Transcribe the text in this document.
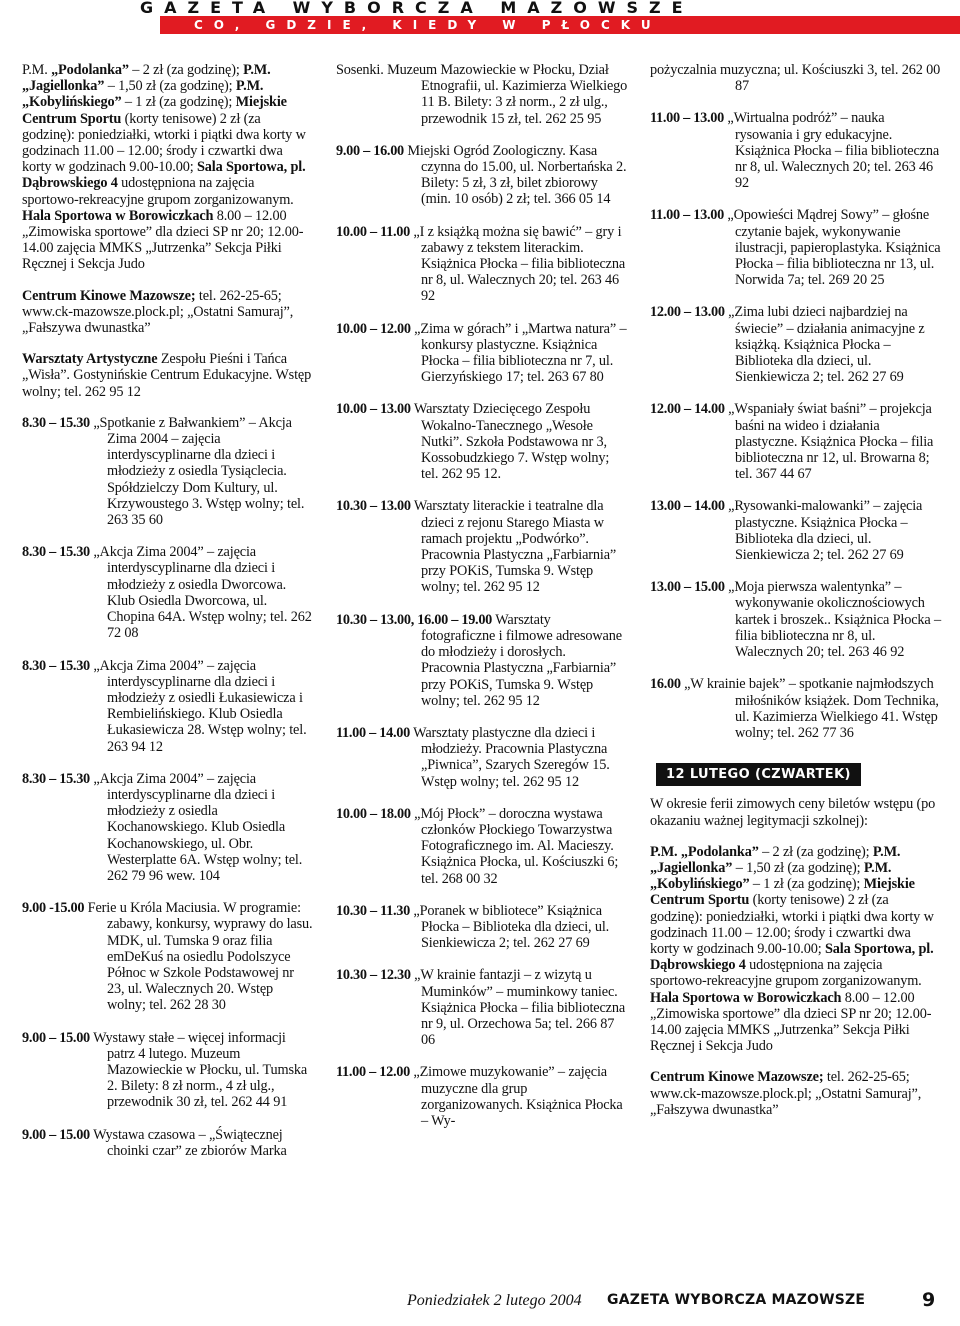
GAZETA WYBORCZA MAZOWSZE
CO, GDZIE, KIEDY W PŁOCKU

P.M. „Podolanka” – 2 zł (za godzinę); P.M. „Jagiellonka” – 1,50 zł (za godzinę); P.M. „Kobylińskiego” – 1 zł (za godzinę); Miejskie Centrum Sportu (korty tenisowe) 2 zł (za godzinę): poniedziałki, wtorki i piątki dwa korty w godzinach 11.00 – 12.00; środy i czwartki dwa korty w godzinach 9.00-10.00; Sala Sportowa, pl. Dąbrowskiego 4 udostępniona na zajęcia sportowo-rekreacyjne grupom zorganizowanym. Hala Sportowa w Borowiczkach 8.00 – 12.00 „Zimowiska sportowe” dla dzieci SP nr 20; 12.00-14.00 zajęcia MMKS „Jutrzenka” Sekcja Piłki Ręcznej i Sekcja Judo

Centrum Kinowe Mazowsze; tel. 262-25-65; www.ck-mazowsze.plock.pl; „Ostatni Samuraj”, „Fałszywa dwunastka”

Warsztaty Artystyczne Zespołu Pieśni i Tańca „Wisła”. Gostynińskie Centrum Edukacyjne. Wstęp wolny; tel. 262 95 12

8.30 – 15.30 „Spotkanie z Bałwankiem” – Akcja Zima 2004 – zajęcia interdyscyplinarne dla dzieci i młodzieży z osiedla Tysiąclecia. Spółdzielczy Dom Kultury, ul. Krzywoustego 3. Wstęp wolny; tel. 263 35 60
8.30 – 15.30 „Akcja Zima 2004” – zajęcia interdyscyplinarne dla dzieci i młodzieży z osiedla Dworcowa. Klub Osiedla Dworcowa, ul. Chopina 64A. Wstęp wolny; tel. 262 72 08
8.30 – 15.30 „Akcja Zima 2004” – zajęcia interdyscyplinarne dla dzieci i młodzieży z osiedli Łukasiewicza i Rembielińskiego. Klub Osiedla Łukasiewicza 28. Wstęp wolny; tel. 263 94 12
8.30 – 15.30 „Akcja Zima 2004” – zajęcia interdyscyplinarne dla dzieci i młodzieży z osiedla Kochanowskiego. Klub Osiedla Kochanowskiego, ul. Obr. Westerplatte 6A. Wstęp wolny; tel. 262 79 96 wew. 104
9.00 -15.00 Ferie u Króla Maciusia. W programie: zabawy, konkursy, wyprawy do lasu. MDK, ul. Tumska 9 oraz filia emDeKuś na osiedlu Podolszyce Północ w Szkole Podstawowej nr 23, ul. Walecznych 20. Wstęp wolny; tel. 262 28 30
9.00 – 15.00 Wystawy stałe – więcej informacji patrz 4 lutego. Muzeum Mazowieckie w Płocku, ul. Tumska 2. Bilety: 8 zł norm., 4 zł ulg., przewodnik 30 zł, tel. 262 44 91
9.00 – 15.00 Wystawa czasowa – „Świątecznej choinki czar” ze zbiorów Marka
Sosenki. Muzeum Mazowieckie w Płocku, Dział Etnografii, ul. Kazimierza Wielkiego 11 B. Bilety: 3 zł norm., 2 zł ulg., przewodnik 15 zł, tel. 262 25 95
9.00 – 16.00 Miejski Ogród Zoologiczny. Kasa czynna do 15.00, ul. Norbertańska 2. Bilety: 5 zł, 3 zł, bilet zbiorowy (min. 10 osób) 2 zł; tel. 366 05 14
10.00 – 11.00 „I z książką można się bawić” – gry i zabawy z tekstem literackim. Książnica Płocka – filia biblioteczna nr 8, ul. Walecznych 20; tel. 263 46 92
10.00 – 12.00 „Zima w górach” i „Martwa natura” – konkursy plastyczne. Książnica Płocka – filia biblioteczna nr 7, ul. Gierzyńskiego 17; tel. 263 67 80
10.00 – 13.00 Warsztaty Dziecięcego Zespołu Wokalno-Tanecznego „Wesołe Nutki”. Szkoła Podstawowa nr 3, Kossobudzkiego 7. Wstęp wolny; tel. 262 95 12.
10.30 – 13.00 Warsztaty literackie i teatralne dla dzieci z rejonu Starego Miasta w ramach projektu „Podwórko”. Pracownia Plastyczna „Farbiarnia” przy POKiS, Tumska 9. Wstęp wolny; tel. 262 95 12
10.30 – 13.00, 16.00 – 19.00 Warsztaty fotograficzne i filmowe adresowane do młodzieży i dorosłych. Pracownia Plastyczna „Farbiarnia” przy POKiS, Tumska 9. Wstęp wolny; tel. 262 95 12
11.00 – 14.00 Warsztaty plastyczne dla dzieci i młodzieży. Pracownia Plastyczna „Piwnica”, Szarych Szeregów 15. Wstęp wolny; tel. 262 95 12
10.00 – 18.00 „Mój Płock” – doroczna wystawa członków Płockiego Towarzystwa Fotograficznego im. Al. Macieszy. Książnica Płocka, ul. Kościuszki 6; tel. 268 00 32
10.30 – 11.30 „Poranek w bibliotece” Książnica Płocka – Biblioteka dla dzieci, ul. Sienkiewicza 2; tel. 262 27 69
10.30 – 12.30 „W krainie fantazji – z wizytą u Muminków” – muminkowy taniec. Książnica Płocka – filia biblioteczna nr 9, ul. Orzechowa 5a; tel. 266 87 06
11.00 – 12.00 „Zimowe muzykowanie” – zajęcia muzyczne dla grup zorganizowanych. Książnica Płocka – Wy-
pożyczalnia muzyczna; ul. Kościuszki 3, tel. 262 00 87
11.00 – 13.00 „Wirtualna podróż” – nauka rysowania i gry edukacyjne. Książnica Płocka – filia biblioteczna nr 8, ul. Walecznych 20; tel. 263 46 92
11.00 – 13.00 „Opowieści Mądrej Sowy” – głośne czytanie bajek, wykonywanie ilustracji, papieroplastyka. Książnica Płocka – filia biblioteczna nr 13, ul. Norwida 7a; tel. 269 20 25
12.00 – 13.00 „Zima lubi dzieci najbardziej na świecie” – działania animacyjne z książką. Książnica Płocka – Biblioteka dla dzieci, ul. Sienkiewicza 2; tel. 262 27 69
12.00 – 14.00 „Wspaniały świat baśni” – projekcja baśni na wideo i działania plastyczne. Książnica Płocka – filia biblioteczna nr 12, ul. Browarna 8; tel. 367 44 67
13.00 – 14.00 „Rysowanki-malowanki” – zajęcia plastyczne. Książnica Płocka – Biblioteka dla dzieci, ul. Sienkiewicza 2; tel. 262 27 69
13.00 – 15.00 „Moja pierwsza walentynka” – wykonywanie okolicznościowych kartek i broszek.. Książnica Płocka – filia biblioteczna nr 8, ul. Walecznych 20; tel. 263 46 92
16.00 „W krainie bajek” – spotkanie najmłodszych miłośników książek. Dom Technika, ul. Kazimierza Wielkiego 41. Wstęp wolny; tel. 262 77 36
12 LUTEGO (CZWARTEK)

W okresie ferii zimowych ceny biletów wstępu (po okazaniu ważnej legitymacji szkolnej):

P.M. „Podolanka” – 2 zł (za godzinę); P.M. „Jagiellonka” – 1,50 zł (za godzinę); P.M. „Kobylińskiego” – 1 zł (za godzinę); Miejskie Centrum Sportu (korty tenisowe) 2 zł (za godzinę): poniedziałki, wtorki i piątki dwa korty w godzinach 11.00 – 12.00; środy i czwartki dwa korty w godzinach 9.00-10.00; Sala Sportowa, pl. Dąbrowskiego 4 udostępniona na zajęcia sportowo-rekreacyjne grupom zorganizowanym. Hala Sportowa w Borowiczkach 8.00 – 12.00 „Zimowiska sportowe” dla dzieci SP nr 20; 12.00-14.00 zajęcia MMKS „Jutrzenka” Sekcja Piłki Ręcznej i Sekcja Judo

Centrum Kinowe Mazowsze; tel. 262-25-65; www.ck-mazowsze.plock.pl; „Ostatni Samuraj”, „Fałszywa dwunastka”

Poniedziałek 2 lutego 2004 GAZETA WYBORCZA MAZOWSZE	9
